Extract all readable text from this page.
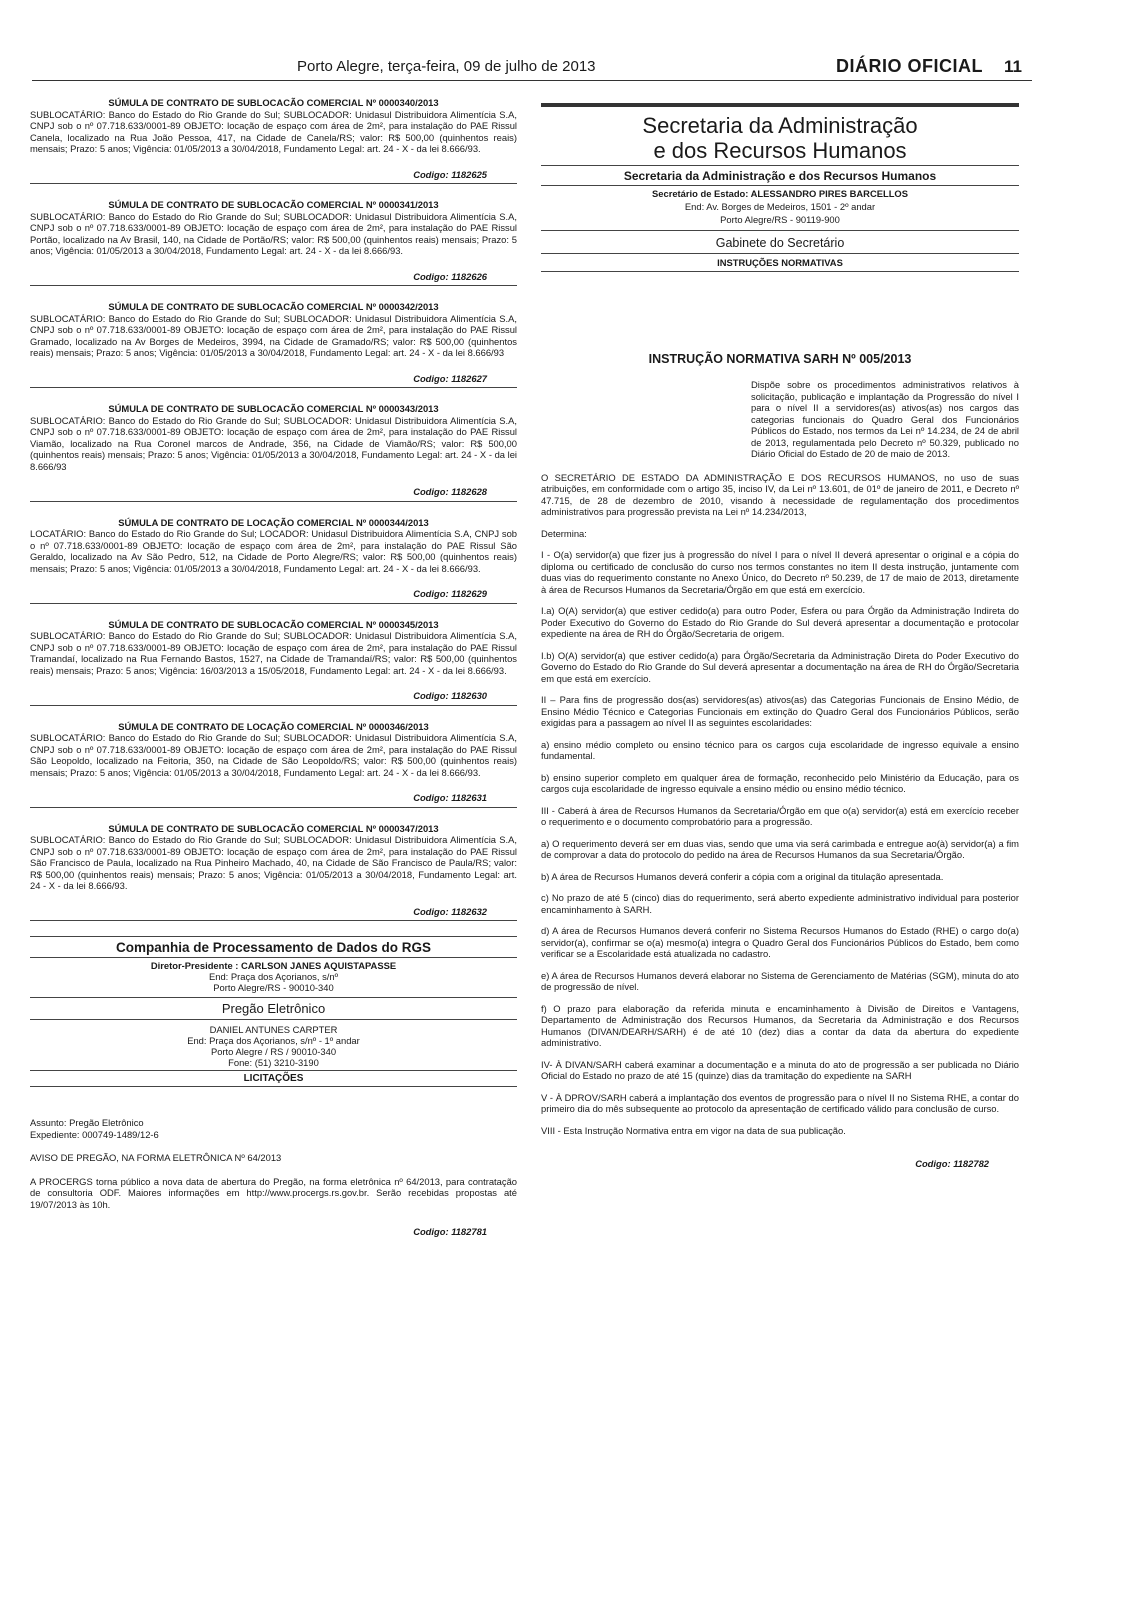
Porto Alegre, terça-feira, 09 de julho de 2013	DIÁRIO OFICIAL 11
SÚMULA DE CONTRATO DE SUBLOCACÃO COMERCIAL Nº 0000340/2013
SUBLOCATÁRIO: Banco do Estado do Rio Grande do Sul; SUBLOCADOR: Unidasul Distribuidora Alimentícia S.A, CNPJ sob o nº 07.718.633/0001-89 OBJETO: locação de espaço com área de 2m², para instalação do PAE Rissul Canela, localizado na Rua João Pessoa, 417, na Cidade de Canela/RS; valor: R$ 500,00 (quinhentos reais) mensais; Prazo: 5 anos; Vigência: 01/05/2013 a 30/04/2018, Fundamento Legal: art. 24 - X - da lei 8.666/93.
Codigo: 1182625
SÚMULA DE CONTRATO DE SUBLOCACÃO COMERCIAL Nº 0000341/2013
SUBLOCATÁRIO: Banco do Estado do Rio Grande do Sul; SUBLOCADOR: Unidasul Distribuidora Alimentícia S.A, CNPJ sob o nº 07.718.633/0001-89 OBJETO: locação de espaço com área de 2m², para instalação do PAE Rissul Portão, localizado na Av Brasil, 140, na Cidade de Portão/RS; valor: R$ 500,00 (quinhentos reais) mensais; Prazo: 5 anos; Vigência: 01/05/2013 a 30/04/2018, Fundamento Legal: art. 24 - X - da lei 8.666/93.
Codigo: 1182626
SÚMULA DE CONTRATO DE SUBLOCACÃO COMERCIAL Nº 0000342/2013
SUBLOCATÁRIO: Banco do Estado do Rio Grande do Sul; SUBLOCADOR: Unidasul Distribuidora Alimentícia S.A, CNPJ sob o nº 07.718.633/0001-89 OBJETO: locação de espaço com área de 2m², para instalação do PAE Rissul Gramado, localizado na Av Borges de Medeiros, 3994, na Cidade de Gramado/RS; valor: R$ 500,00 (quinhentos reais) mensais; Prazo: 5 anos; Vigência: 01/05/2013 a 30/04/2018, Fundamento Legal: art. 24 - X - da lei 8.666/93
Codigo: 1182627
SÚMULA DE CONTRATO DE SUBLOCACÃO COMERCIAL Nº 0000343/2013
SUBLOCATÁRIO: Banco do Estado do Rio Grande do Sul; SUBLOCADOR: Unidasul Distribuidora Alimentícia S.A, CNPJ sob o nº 07.718.633/0001-89 OBJETO: locação de espaço com área de 2m², para instalação do PAE Rissul Viamão, localizado na Rua Coronel marcos de Andrade, 356, na Cidade de Viamão/RS; valor: R$ 500,00 (quinhentos reais) mensais; Prazo: 5 anos; Vigência: 01/05/2013 a 30/04/2018, Fundamento Legal: art. 24 - X - da lei 8.666/93
Codigo: 1182628
SÚMULA DE CONTRATO DE LOCAÇÃO COMERCIAL Nº 0000344/2013
LOCATÁRIO: Banco do Estado do Rio Grande do Sul; LOCADOR: Unidasul Distribuidora Alimentícia S.A, CNPJ sob o nº 07.718.633/0001-89 OBJETO: locação de espaço com área de 2m², para instalação do PAE Rissul São Geraldo, localizado na Av São Pedro, 512, na Cidade de Porto Alegre/RS; valor: R$ 500,00 (quinhentos reais) mensais; Prazo: 5 anos; Vigência: 01/05/2013 a 30/04/2018, Fundamento Legal: art. 24 - X - da lei 8.666/93.
Codigo: 1182629
SÚMULA DE CONTRATO DE SUBLOCACÃO COMERCIAL Nº 0000345/2013
SUBLOCATÁRIO: Banco do Estado do Rio Grande do Sul; SUBLOCADOR: Unidasul Distribuidora Alimentícia S.A, CNPJ sob o nº 07.718.633/0001-89 OBJETO: locação de espaço com área de 2m², para instalação do PAE Rissul Tramandaí, localizado na Rua Fernando Bastos, 1527, na Cidade de Tramandaí/RS; valor: R$ 500,00 (quinhentos reais) mensais; Prazo: 5 anos; Vigência: 16/03/2013 a 15/05/2018, Fundamento Legal: art. 24 - X - da lei 8.666/93.
Codigo: 1182630
SÚMULA DE CONTRATO DE LOCAÇÃO COMERCIAL Nº 0000346/2013
SUBLOCATÁRIO: Banco do Estado do Rio Grande do Sul; SUBLOCADOR: Unidasul Distribuidora Alimentícia S.A, CNPJ sob o nº 07.718.633/0001-89 OBJETO: locação de espaço com área de 2m², para instalação do PAE Rissul São Leopoldo, localizado na Feitoria, 350, na Cidade de São Leopoldo/RS; valor: R$ 500,00 (quinhentos reais) mensais; Prazo: 5 anos; Vigência: 01/05/2013 a 30/04/2018, Fundamento Legal: art. 24 - X - da lei 8.666/93.
Codigo: 1182631
SÚMULA DE CONTRATO DE SUBLOCACÃO COMERCIAL Nº 0000347/2013
SUBLOCATÁRIO: Banco do Estado do Rio Grande do Sul; SUBLOCADOR: Unidasul Distribuidora Alimentícia S.A, CNPJ sob o nº 07.718.633/0001-89 OBJETO: locação de espaço com área de 2m², para instalação do PAE Rissul São Francisco de Paula, localizado na Rua Pinheiro Machado, 40, na Cidade de São Francisco de Paula/RS; valor: R$ 500,00 (quinhentos reais) mensais; Prazo: 5 anos; Vigência: 01/05/2013 a 30/04/2018, Fundamento Legal: art. 24 - X - da lei 8.666/93.
Codigo: 1182632
Companhia de Processamento de Dados do RGS
Diretor-Presidente : CARLSON JANES AQUISTAPASSE
End: Praça dos Açorianos, s/nº
Porto Alegre/RS - 90010-340
Pregão Eletrônico
DANIEL ANTUNES CARPTER
End: Praça dos Açorianos, s/nº - 1º andar
Porto Alegre / RS / 90010-340
Fone: (51) 3210-3190
LICITAÇÕES
Assunto: Pregão Eletrônico
Expediente: 000749-1489/12-6
AVISO DE PREGÃO, NA FORMA ELETRÔNICA Nº 64/2013
A PROCERGS torna público a nova data de abertura do Pregão, na forma eletrônica nº 64/2013, para contratação de consultoria ODF. Maiores informações em http://www.procergs.rs.gov.br. Serão recebidas propostas até 19/07/2013 às 10h.
Codigo: 1182781
Secretaria da Administração
e dos Recursos Humanos
Secretaria da Administração e dos Recursos Humanos
Secretário de Estado: ALESSANDRO PIRES BARCELLOS
End: Av. Borges de Medeiros, 1501 - 2º andar
Porto Alegre/RS - 90119-900
Gabinete do Secretário
INSTRUÇÕES NORMATIVAS
INSTRUÇÃO NORMATIVA SARH Nº 005/2013
Dispõe sobre os procedimentos administrativos relativos à solicitação, publicação e implantação da Progressão do nível I para o nível II a servidores(as) ativos(as) nos cargos das categorias funcionais do Quadro Geral dos Funcionários Públicos do Estado, nos termos da Lei nº 14.234, de 24 de abril de 2013, regulamentada pelo Decreto nº 50.329, publicado no Diário Oficial do Estado de 20 de maio de 2013.

O SECRETÁRIO DE ESTADO DA ADMINISTRAÇÃO E DOS RECURSOS HUMANOS, no uso de suas atribuições, em conformidade com o artigo 35, inciso IV, da Lei nº 13.601, de 01º de janeiro de 2011, e Decreto nº 47.715, de 28 de dezembro de 2010, visando à necessidade de regulamentação dos procedimentos administrativos para progressão prevista na Lei nº 14.234/2013,

Determina:

I - O(a) servidor(a) que fizer jus à progressão do nível I para o nível II deverá apresentar o original e a cópia do diploma ou certificado de conclusão do curso nos termos constantes no item II desta instrução, juntamente com duas vias do requerimento constante no Anexo Único, do Decreto nº 50.239, de 17 de maio de 2013, diretamente à área de Recursos Humanos da Secretaria/Órgão em que está em exercício.

I.a) O(A) servidor(a) que estiver cedido(a) para outro Poder, Esfera ou para Órgão da Administração Indireta do Poder Executivo do Governo do Estado do Rio Grande do Sul deverá apresentar a documentação e protocolar expediente na área de RH do Órgão/Secretaria de origem.

I.b) O(A) servidor(a) que estiver cedido(a) para Órgão/Secretaria da Administração Direta do Poder Executivo do Governo do Estado do Rio Grande do Sul deverá apresentar a documentação na área de RH do Órgão/Secretaria em que está em exercício.

II – Para fins de progressão dos(as) servidores(as) ativos(as) das Categorias Funcionais de Ensino Médio, de Ensino Médio Técnico e Categorias Funcionais em extinção do Quadro Geral dos Funcionários Públicos, serão exigidas para a passagem ao nível II as seguintes escolaridades:

a) ensino médio completo ou ensino técnico para os cargos cuja escolaridade de ingresso equivale a ensino fundamental.

b) ensino superior completo em qualquer área de formação, reconhecido pelo Ministério da Educação, para os cargos cuja escolaridade de ingresso equivale a ensino médio ou ensino médio técnico.

III - Caberá à área de Recursos Humanos da Secretaria/Órgão em que o(a) servidor(a) está em exercício receber o requerimento e o documento comprobatório para a progressão.

a) O requerimento deverá ser em duas vias, sendo que uma via será carimbada e entregue ao(à) servidor(a) a fim de comprovar a data do protocolo do pedido na área de Recursos Humanos da sua Secretaria/Órgão.

b) A área de Recursos Humanos deverá conferir a cópia com a original da titulação apresentada.

c) No prazo de até 5 (cinco) dias do requerimento, será aberto expediente administrativo individual para posterior encaminhamento à SARH.

d) A área de Recursos Humanos deverá conferir no Sistema Recursos Humanos do Estado (RHE) o cargo do(a) servidor(a), confirmar se o(a) mesmo(a) integra o Quadro Geral dos Funcionários Públicos do Estado, bem como verificar se a Escolaridade está atualizada no cadastro.

e) A área de Recursos Humanos deverá elaborar no Sistema de Gerenciamento de Matérias (SGM), minuta do ato de progressão de nível.

f) O prazo para elaboração da referida minuta e encaminhamento à Divisão de Direitos e Vantagens, Departamento de Administração dos Recursos Humanos, da Secretaria da Administração e dos Recursos Humanos (DIVAN/DEARH/SARH) é de até 10 (dez) dias a contar da data da abertura do expediente administrativo.

IV- À DIVAN/SARH caberá examinar a documentação e a minuta do ato de progressão a ser publicada no Diário Oficial do Estado no prazo de até 15 (quinze) dias da tramitação do expediente na SARH

V - À DPROV/SARH caberá a implantação dos eventos de progressão para o nível II no Sistema RHE, a contar do primeiro dia do mês subsequente ao protocolo da apresentação de certificado válido para conclusão de curso.

VIII - Esta Instrução Normativa entra em vigor na data de sua publicação.

Codigo: 1182782
